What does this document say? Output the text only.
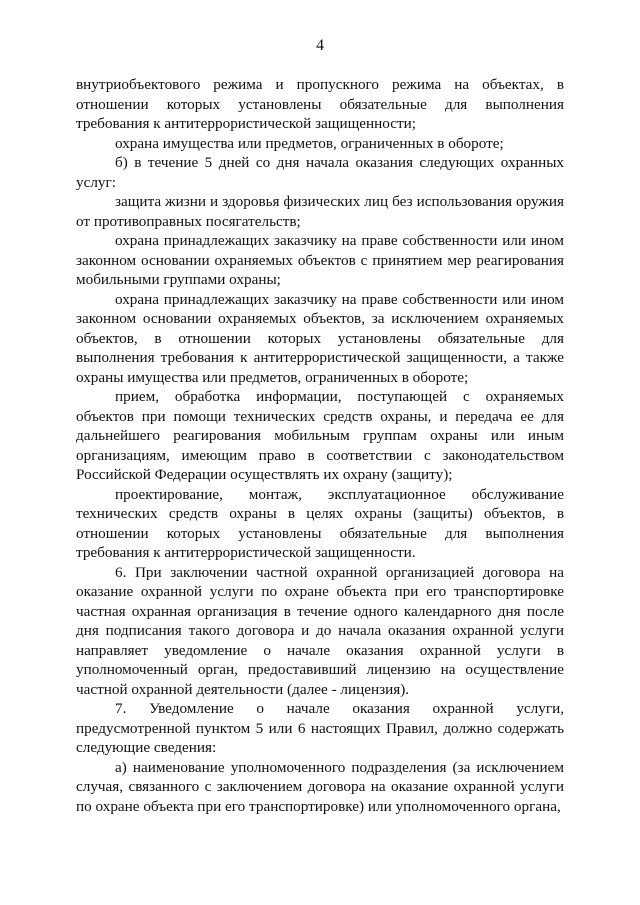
4

внутриобъектового режима и пропускного режима на объектах, в отношении которых установлены обязательные для выполнения требования к антитеррористической защищенности;

охрана имущества или предметов, ограниченных в обороте;

б) в течение 5 дней со дня начала оказания следующих охранных услуг:

защита жизни и здоровья физических лиц без использования оружия от противоправных посягательств;

охрана принадлежащих заказчику на праве собственности или ином законном основании охраняемых объектов с принятием мер реагирования мобильными группами охраны;

охрана принадлежащих заказчику на праве собственности или ином законном основании охраняемых объектов, за исключением охраняемых объектов, в отношении которых установлены обязательные для выполнения требования к антитеррористической защищенности, а также охраны имущества или предметов, ограниченных в обороте;

прием, обработка информации, поступающей с охраняемых объектов при помощи технических средств охраны, и передача ее для дальнейшего реагирования мобильным группам охраны или иным организациям, имеющим право в соответствии с законодательством Российской Федерации осуществлять их охрану (защиту);

проектирование, монтаж, эксплуатационное обслуживание технических средств охраны в целях охраны (защиты) объектов, в отношении которых установлены обязательные для выполнения требования к антитеррористической защищенности.

6. При заключении частной охранной организацией договора на оказание охранной услуги по охране объекта при его транспортировке частная охранная организация в течение одного календарного дня после дня подписания такого договора и до начала оказания охранной услуги направляет уведомление о начале оказания охранной услуги в уполномоченный орган, предоставивший лицензию на осуществление частной охранной деятельности (далее - лицензия).

7. Уведомление о начале оказания охранной услуги, предусмотренной пунктом 5 или 6 настоящих Правил, должно содержать следующие сведения:

а) наименование уполномоченного подразделения (за исключением случая, связанного с заключением договора на оказание охранной услуги по охране объекта при его транспортировке) или уполномоченного органа,
